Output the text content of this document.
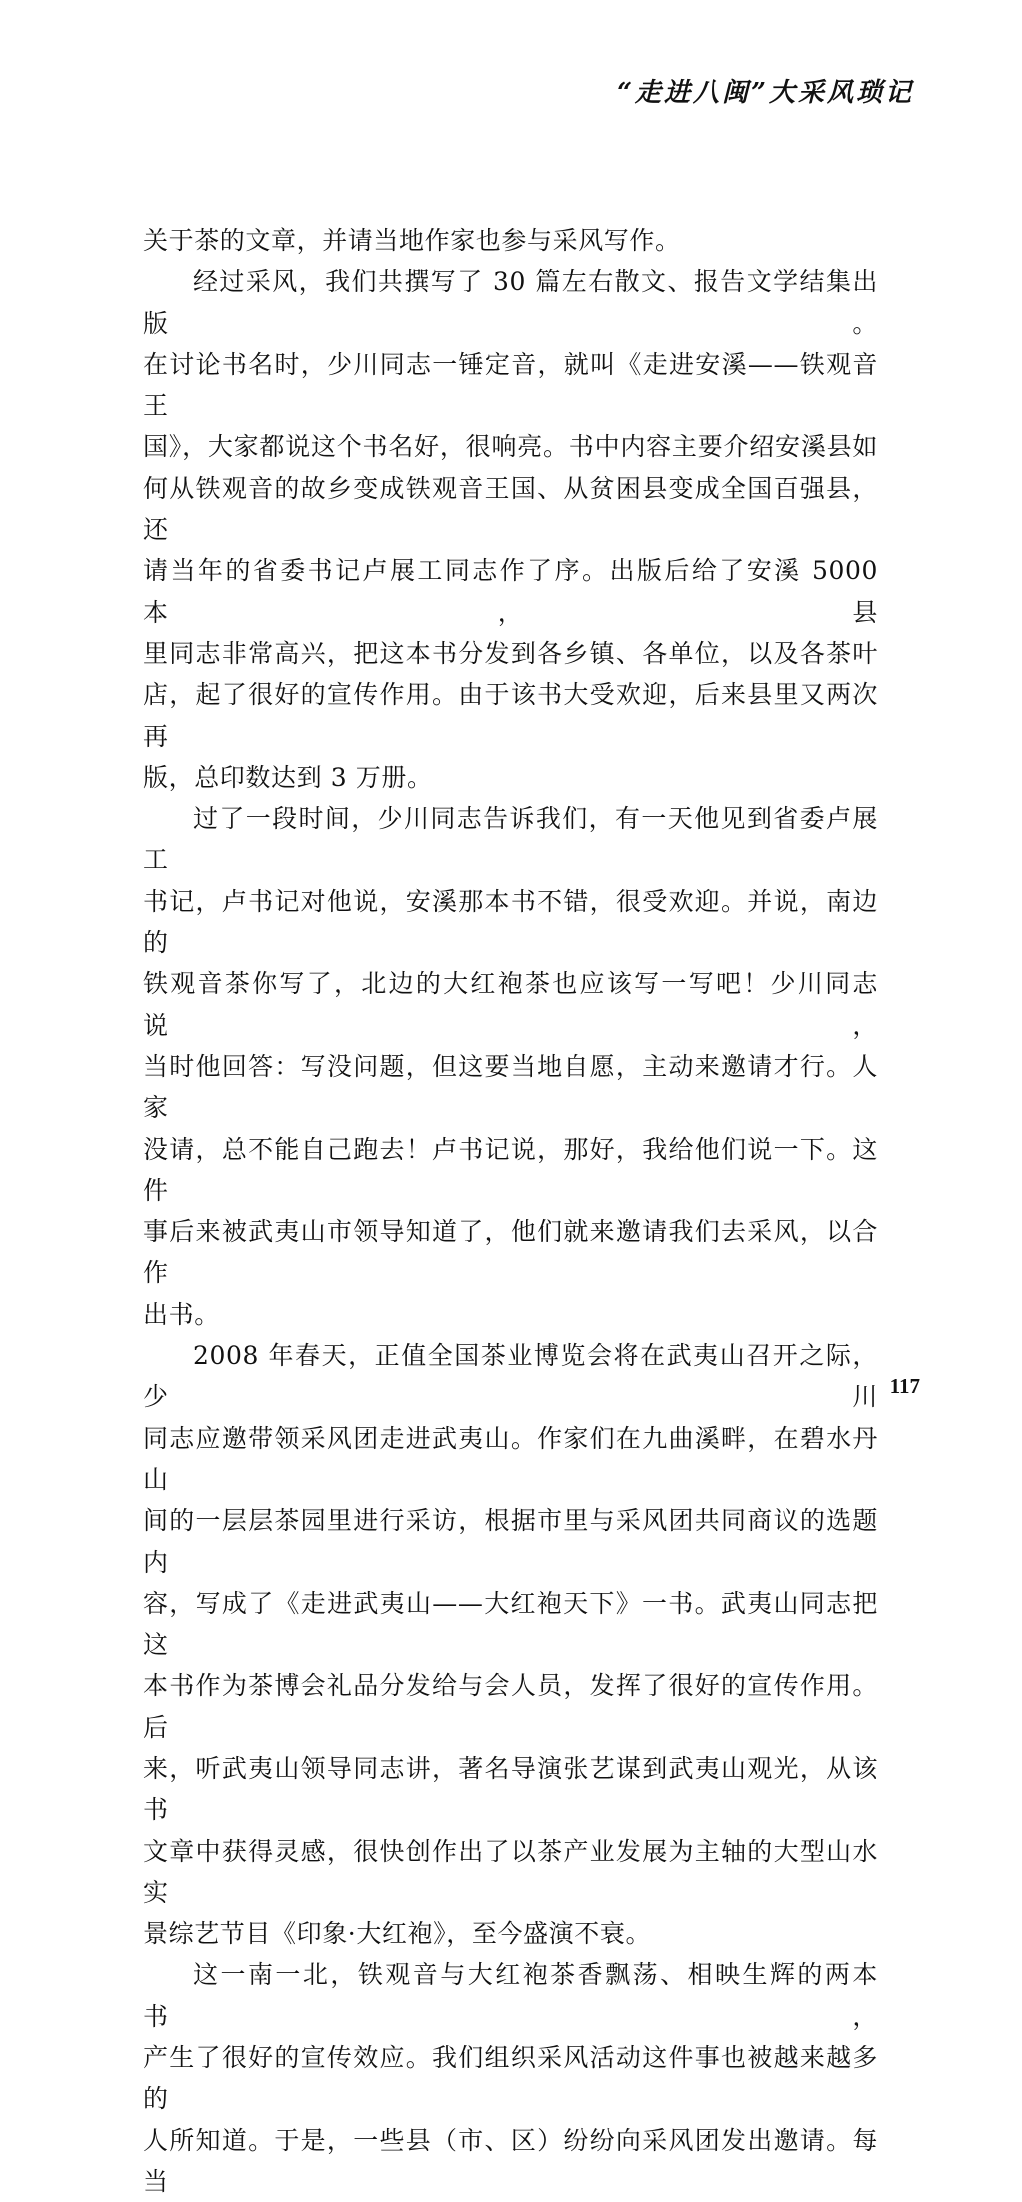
“走进八闽”大采风琐记

关于茶的文章，并请当地作家也参与采风写作。

经过采风，我们共撰写了 30 篇左右散文、报告文学结集出版。

在讨论书名时，少川同志一锤定音，就叫《走进安溪——铁观音王

国》，大家都说这个书名好，很响亮。书中内容主要介绍安溪县如

何从铁观音的故乡变成铁观音王国、从贫困县变成全国百强县，还

请当年的省委书记卢展工同志作了序。出版后给了安溪 5000 本，县

里同志非常高兴，把这本书分发到各乡镇、各单位，以及各茶叶

店，起了很好的宣传作用。由于该书大受欢迎，后来县里又两次再

版，总印数达到 3 万册。

过了一段时间，少川同志告诉我们，有一天他见到省委卢展工

书记，卢书记对他说，安溪那本书不错，很受欢迎。并说，南边的

铁观音茶你写了，北边的大红袍茶也应该写一写吧！少川同志说，

当时他回答：写没问题，但这要当地自愿，主动来邀请才行。人家

没请，总不能自己跑去！卢书记说，那好，我给他们说一下。这件

事后来被武夷山市领导知道了，他们就来邀请我们去采风，以合作

出书。

2008 年春天，正值全国茶业博览会将在武夷山召开之际，少川

同志应邀带领采风团走进武夷山。作家们在九曲溪畔，在碧水丹山

间的一层层茶园里进行采访，根据市里与采风团共同商议的选题内

容，写成了《走进武夷山——大红袍天下》一书。武夷山同志把这

本书作为茶博会礼品分发给与会人员，发挥了很好的宣传作用。后

来，听武夷山领导同志讲，著名导演张艺谋到武夷山观光，从该书

文章中获得灵感，很快创作出了以茶产业发展为主轴的大型山水实

景综艺节目《印象·大红袍》，至今盛演不衰。

这一南一北，铁观音与大红袍茶香飘荡、相映生辉的两本书，

产生了很好的宣传效应。我们组织采风活动这件事也被越来越多的

人所知道。于是，一些县（市、区）纷纷向采风团发出邀请。每当

117
